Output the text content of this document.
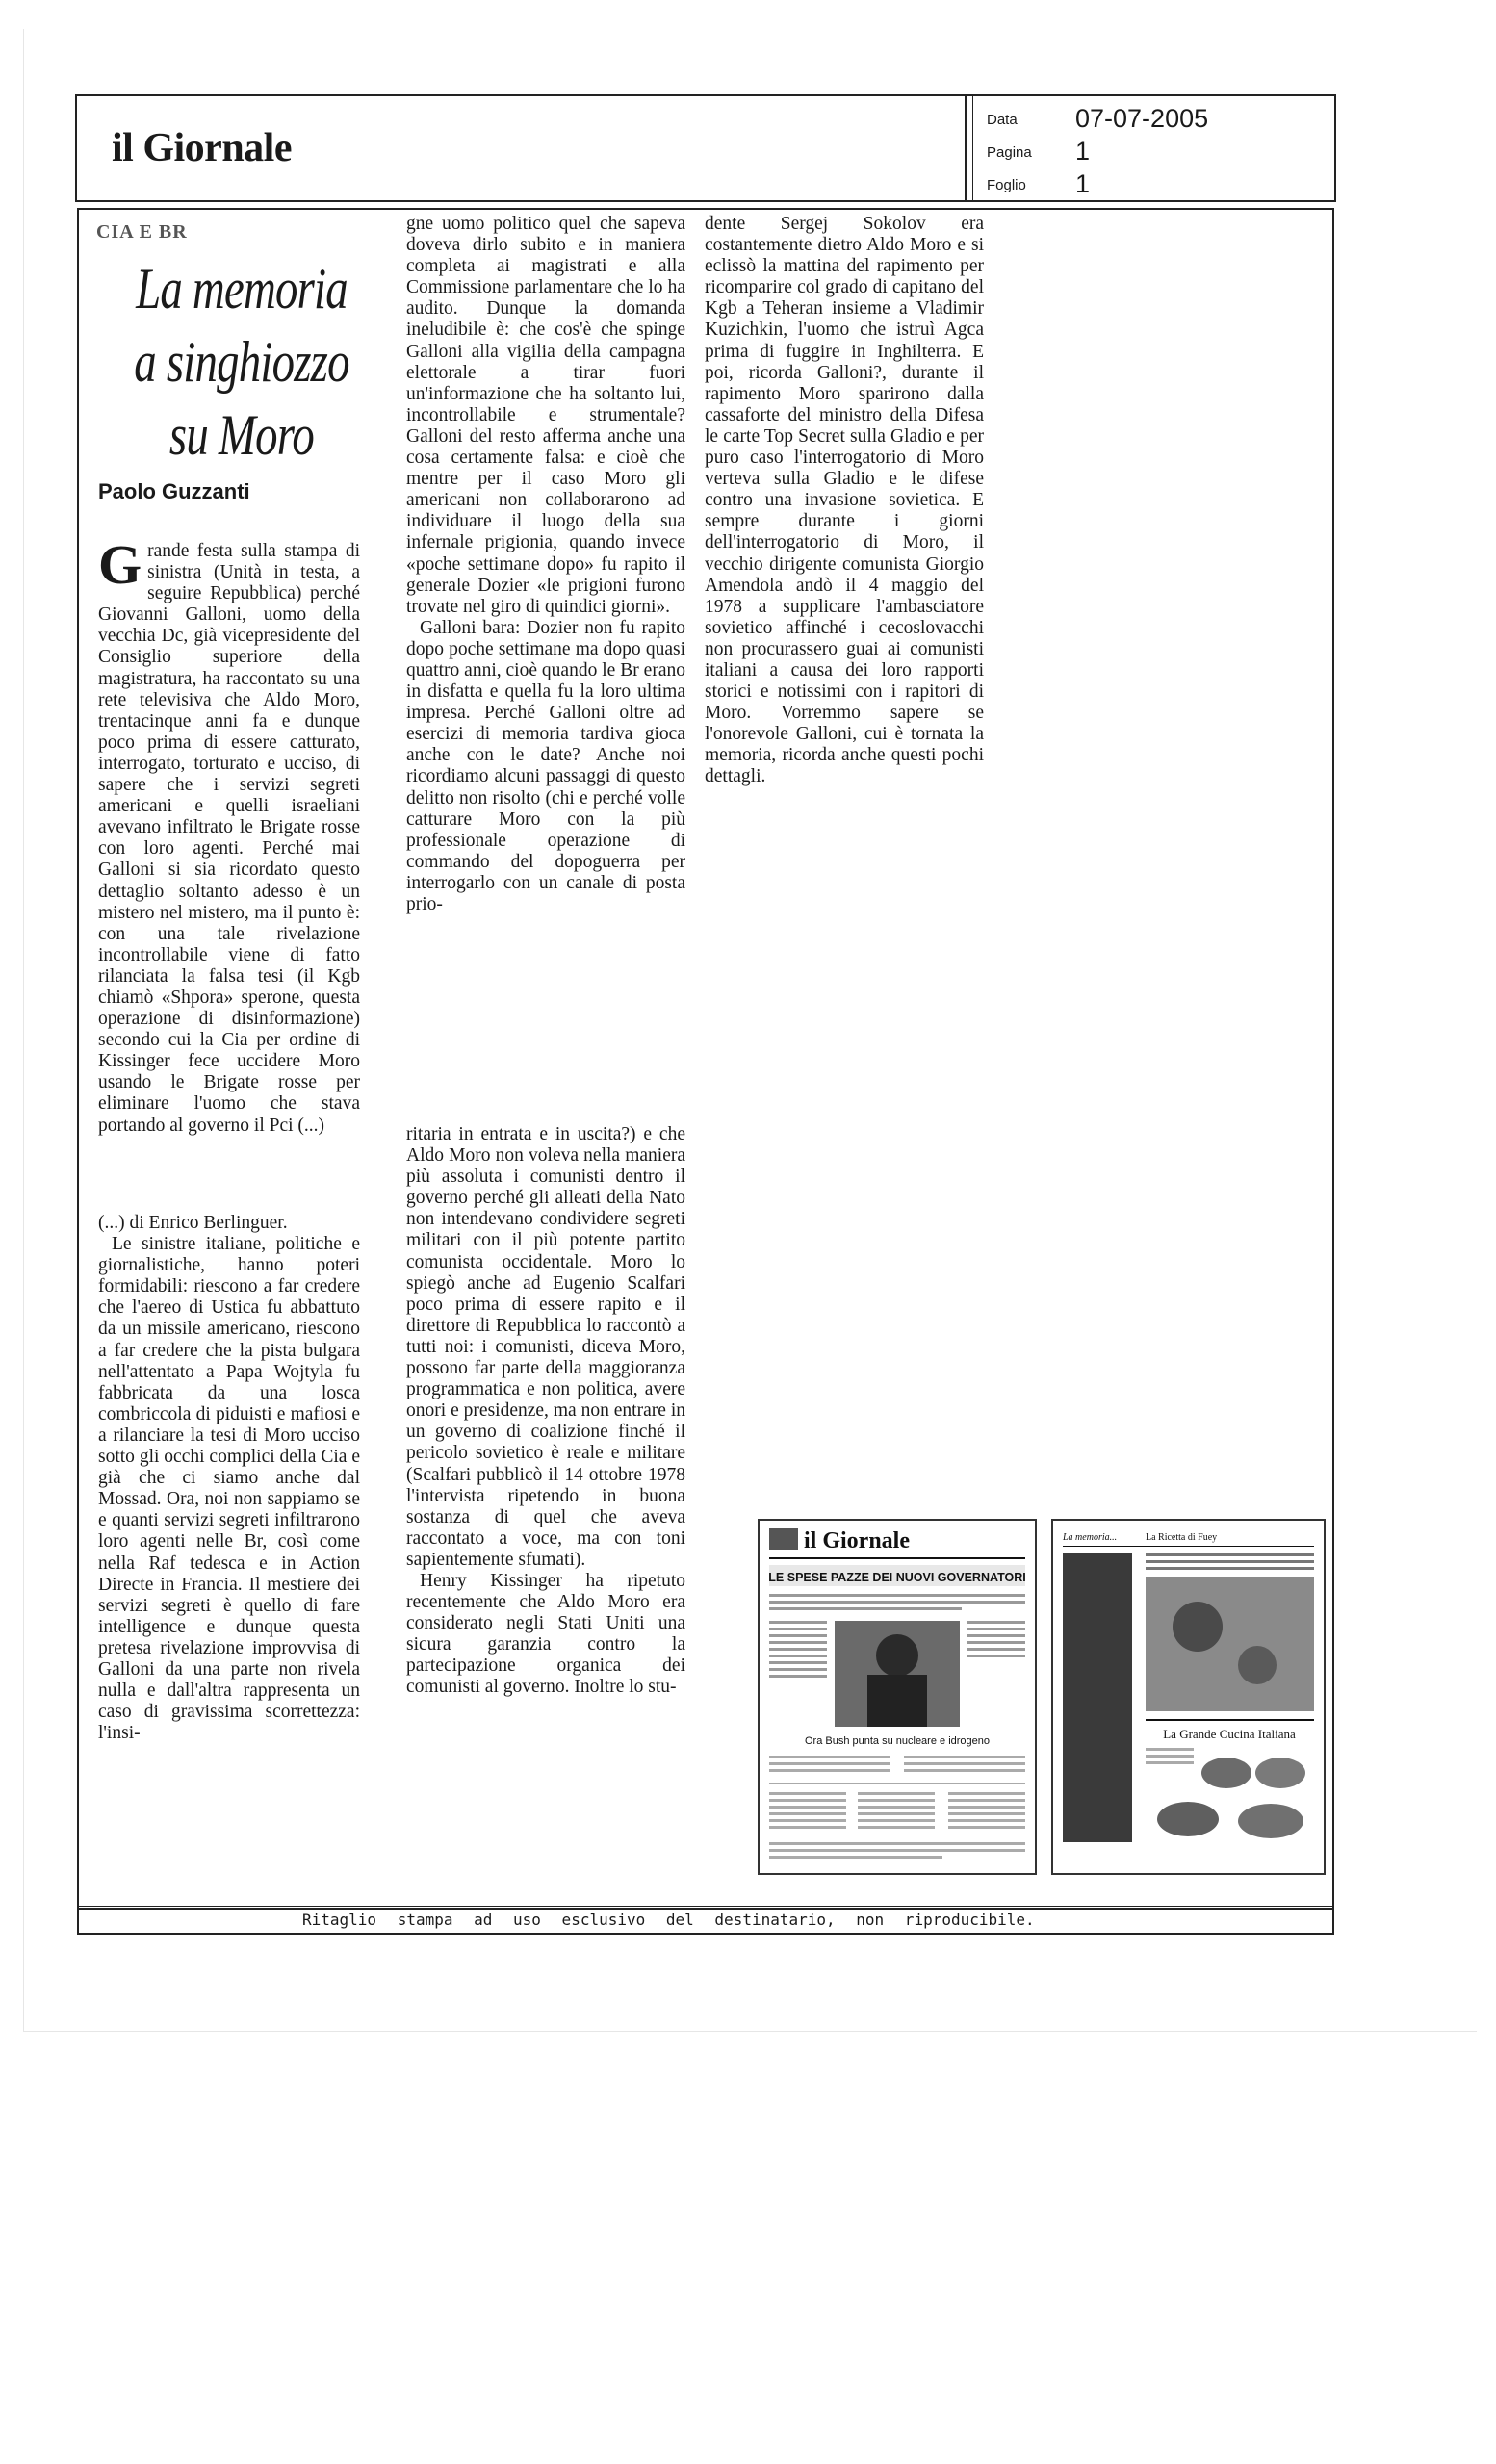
il Giornale
Data 07-07-2005
Pagina 1
Foglio 1
CIA E BR
La memoria a singhiozzo su Moro
Paolo Guzzanti

Grande festa sulla stampa di sinistra (Unità in testa, a seguire Repubblica) perché Giovanni Galloni, uomo della vecchia Dc, già vicepresidente del Consiglio superiore della magistratura, ha raccontato su una rete televisiva che Aldo Moro, trentacinque anni fa e dunque poco prima di essere catturato, interrogato, torturato e ucciso, di sapere che i servizi segreti americani e quelli israeliani avevano infiltrato le Brigate rosse con loro agenti. Perché mai Galloni si sia ricordato questo dettaglio soltanto adesso è un mistero nel mistero, ma il punto è: con una tale rivelazione incontrollabile viene di fatto rilanciata la falsa tesi (il Kgb chiamò «Shpora» sperone, questa operazione di disinformazione) secondo cui la Cia per ordine di Kissinger fece uccidere Moro usando le Brigate rosse per eliminare l'uomo che stava portando al governo il Pci (...)

(...) di Enrico Berlinguer.

Le sinistre italiane, politiche e giornalistiche, hanno poteri formidabili: riescono a far credere che l'aereo di Ustica fu abbattuto da un missile americano, riescono a far credere che la pista bulgara nell'attentato a Papa Wojtyla fu fabbricata da una losca combriccola di piduisti e mafiosi e a rilanciare la tesi di Moro ucciso sotto gli occhi complici della Cia e già che ci siamo anche dal Mossad. Ora, noi non sappiamo se e quanti servizi segreti infiltrarono loro agenti nelle Br, così come nella Raf tedesca e in Action Directe in Francia. Il mestiere dei servizi segreti è quello di fare intelligence e dunque questa pretesa rivelazione improvvisa di Galloni da una parte non rivela nulla e dall'altra rappresenta un caso di gravissima scorrettezza: l'insi-

gne uomo politico quel che sapeva doveva dirlo subito e in maniera completa ai magistrati e alla Commissione parlamentare che lo ha audito. Dunque la domanda ineludibile è: che cos'è che spinge Galloni alla vigilia della campagna elettorale a tirar fuori un'informazione che ha soltanto lui, incontrollabile e strumentale? Galloni del resto afferma anche una cosa certamente falsa: e cioè che mentre per il caso Moro gli americani non collaborarono ad individuare il luogo della sua infernale prigionia, quando invece «poche settimane dopo» fu rapito il generale Dozier «le prigioni furono trovate nel giro di quindici giorni».

Galloni bara: Dozier non fu rapito dopo poche settimane ma dopo quasi quattro anni, cioè quando le Br erano in disfatta e quella fu la loro ultima impresa. Perché Galloni oltre ad esercizi di memoria tardiva gioca anche con le date? Anche noi ricordiamo alcuni passaggi di questo delitto non risolto (chi e perché volle catturare Moro con la più professionale operazione di commando del dopoguerra per interrogarlo con un canale di posta prio-

ritaria in entrata e in uscita?) e che Aldo Moro non voleva nella maniera più assoluta i comunisti dentro il governo perché gli alleati della Nato non intendevano condividere segreti militari con il più potente partito comunista occidentale. Moro lo spiegò anche ad Eugenio Scalfari poco prima di essere rapito e il direttore di Repubblica lo raccontò a tutti noi: i comunisti, diceva Moro, possono far parte della maggioranza programmatica e non politica, avere onori e presidenze, ma non entrare in un governo di coalizione finché il pericolo sovietico è reale e militare (Scalfari pubblicò il 14 ottobre 1978 l'intervista ripetendo in buona sostanza di quel che aveva raccontato a voce, ma con toni sapientemente sfumati).

Henry Kissinger ha ripetuto recentemente che Aldo Moro era considerato negli Stati Uniti una sicura garanzia contro la partecipazione organica dei comunisti al governo. Inoltre lo stu-

dente Sergej Sokolov era costantemente dietro Aldo Moro e si eclissò la mattina del rapimento per ricomparire col grado di capitano del Kgb a Teheran insieme a Vladimir Kuzichkin, l'uomo che istruì Agca prima di fuggire in Inghilterra. E poi, ricorda Galloni?, durante il rapimento Moro sparirono dalla cassaforte del ministro della Difesa le carte Top Secret sulla Gladio e per puro caso l'interrogatorio di Moro verteva sulla Gladio e le difese contro una invasione sovietica. E sempre durante i giorni dell'interrogatorio di Moro, il vecchio dirigente comunista Giorgio Amendola andò il 4 maggio del 1978 a supplicare l'ambasciatore sovietico affinché i cecoslovacchi non procurassero guai ai comunisti italiani a causa dei loro rapporti storici e notissimi con i rapitori di Moro. Vorremmo sapere se l'onorevole Galloni, cui è tornata la memoria, ricorda anche questi pochi dettagli.

il Giornale
LE SPESE PAZZE DEI NUOVI GOVERNATORI
Ora Bush punta su nucleare e idrogeno
La memoria...	La Ricetta di Fuey
La Grande Cucina Italiana
Ritaglio stampa ad uso esclusivo del destinatario, non riproducibile.
